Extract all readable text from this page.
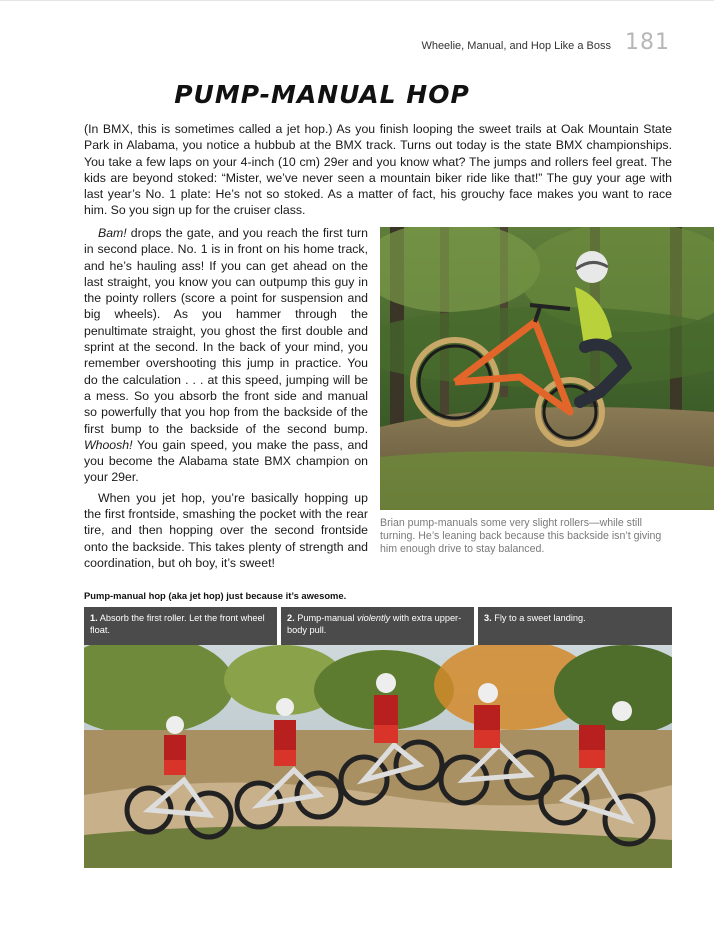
Wheelie, Manual, and Hop Like a Boss 181
PUMP-MANUAL HOP

(In BMX, this is sometimes called a jet hop.) As you finish looping the sweet trails at Oak Mountain State Park in Alabama, you notice a hubbub at the BMX track. Turns out today is the state BMX championships. You take a few laps on your 4-inch (10 cm) 29er and you know what? The jumps and rollers feel great. The kids are beyond stoked: “Mister, we’ve never seen a mountain biker ride like that!” The guy your age with last year’s No. 1 plate: He’s not so stoked. As a matter of fact, his grouchy face makes you want to race him. So you sign up for the cruiser class.

Bam! drops the gate, and you reach the first turn in second place. No. 1 is in front on his home track, and he’s hauling ass! If you can get ahead on the last straight, you know you can outpump this guy in the pointy rollers (score a point for suspension and big wheels). As you hammer through the penultimate straight, you ghost the first double and sprint at the second. In the back of your mind, you remember overshooting this jump in practice. You do the calculation . . . at this speed, jumping will be a mess. So you absorb the front side and manual so powerfully that you hop from the backside of the first bump to the backside of the second bump. Whoosh! You gain speed, you make the pass, and you become the Alabama state BMX champion on your 29er.

When you jet hop, you’re basically hopping up the first frontside, smashing the pocket with the rear tire, and then hopping over the second frontside onto the backside. This takes plenty of strength and coordination, but oh boy, it’s sweet!

Brian pump-manuals some very slight rollers—while still turning. He’s leaning back because this backside isn’t giving him enough drive to stay balanced.

Pump-manual hop (aka jet hop) just because it’s awesome.
1. Absorb the first roller. Let the front wheel float.
2. Pump-manual violently with extra upper-body pull.
3. Fly to a sweet landing.
